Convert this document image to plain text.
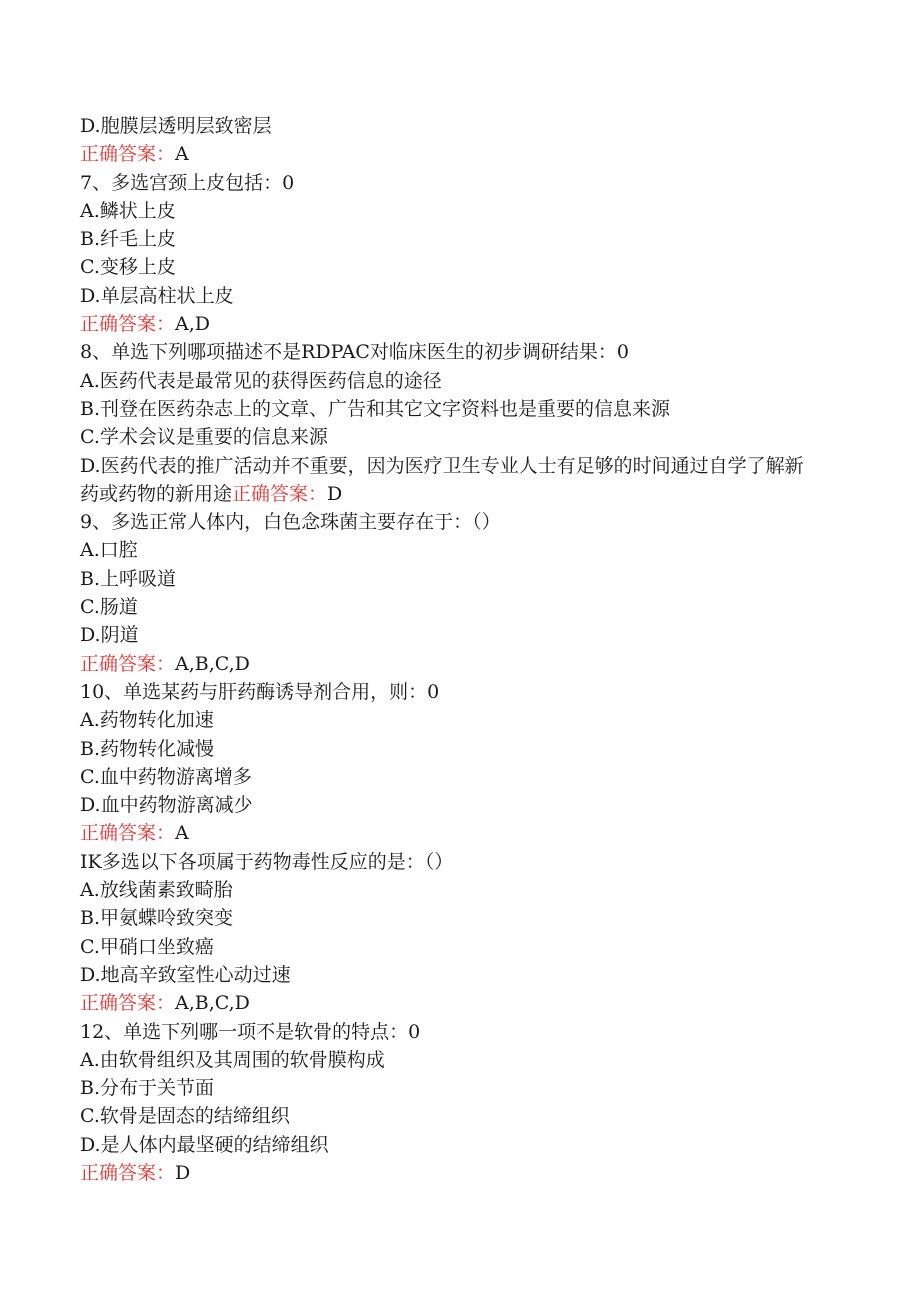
D.胞膜层透明层致密层
正确答案：A
7、多选宫颈上皮包括：0
A.鳞状上皮
B.纤毛上皮
C.变移上皮
D.单层高柱状上皮
正确答案：A,D
8、单选下列哪项描述不是RDPAC对临床医生的初步调研结果：0
A.医药代表是最常见的获得医药信息的途径
B.刊登在医药杂志上的文章、广告和其它文字资料也是重要的信息来源
C.学术会议是重要的信息来源
D.医药代表的推广活动并不重要，因为医疗卫生专业人士有足够的时间通过自学了解新药或药物的新用途正确答案：D
9、多选正常人体内，白色念珠菌主要存在于：（）
A.口腔
B.上呼吸道
C.肠道
D.阴道
正确答案：A,B,C,D
10、单选某药与肝药酶诱导剂合用，则：0
A.药物转化加速
B.药物转化减慢
C.血中药物游离增多
D.血中药物游离减少
正确答案：A
IK多选以下各项属于药物毒性反应的是：（）
A.放线菌素致畸胎
B.甲氨蝶呤致突变
C.甲硝口坐致癌
D.地高辛致室性心动过速
正确答案：A,B,C,D
12、单选下列哪一项不是软骨的特点：0
A.由软骨组织及其周围的软骨膜构成
B.分布于关节面
C.软骨是固态的结缔组织
D.是人体内最坚硬的结缔组织
正确答案：D
